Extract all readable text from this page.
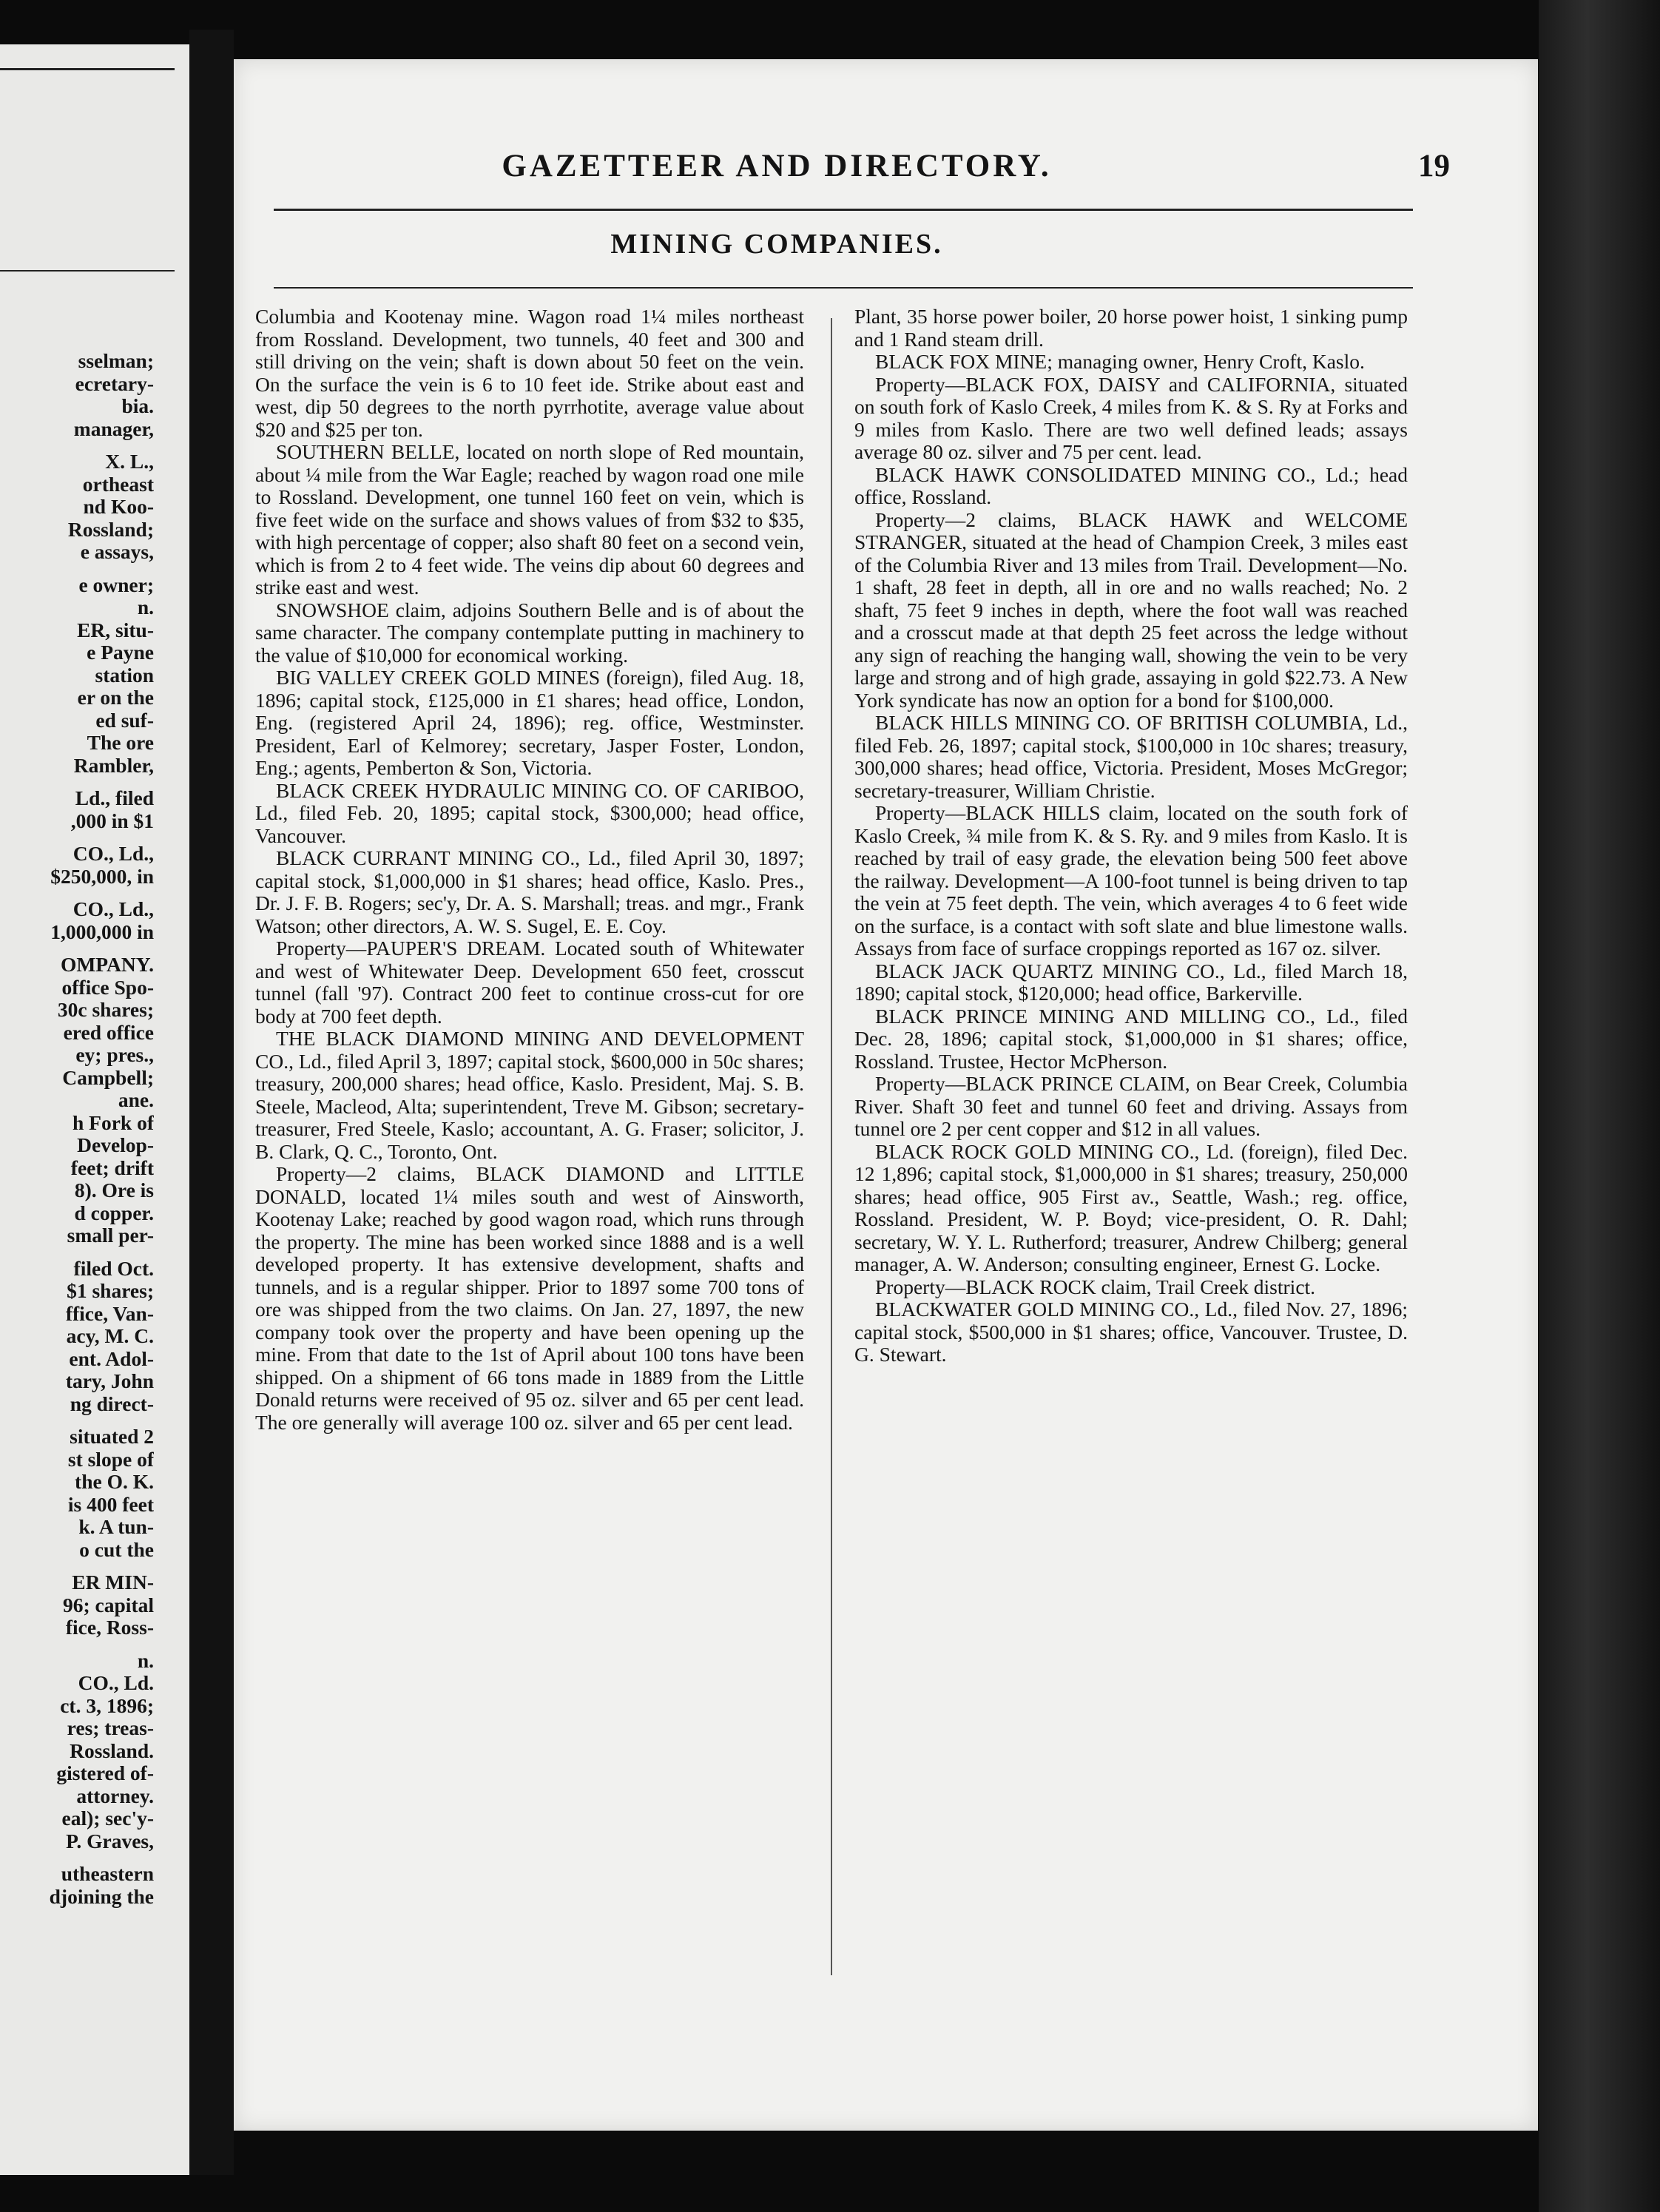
sselman;
ecretary-
bia.
manager,
X. L.,
ortheast
nd Koo-
Rossland;
e assays,
e owner;
n.
ER, situ-
e Payne
station
er on the
ed suf-
The ore
Rambler,
Ld., filed
,000 in $1
CO., Ld.,
$250,000, in
CO., Ld.,
1,000,000 in
OMPANY.
office Spo-
30c shares;
ered office
ey; pres.,
Campbell;
ane.
h Fork of
Develop-
feet; drift
8). Ore is
d copper.
small per-
filed Oct.
$1 shares;
ffice, Van-
acy, M. C.
ent. Adol-
tary, John
ng direct-
situated 2
st slope of
the O. K.
is 400 feet
k. A tun-
o cut the
ER MIN-
96; capital
fice, Ross-
n.
CO., Ld.
ct. 3, 1896;
res; treas-
Rossland.
gistered of-
attorney.
eal); sec'y-
P. Graves,
utheastern
djoining the
GAZETTEER AND DIRECTORY.	19
MINING COMPANIES.

Columbia and Kootenay mine. Wagon road 1¼ miles northeast from Rossland. Development, two tunnels, 40 feet and 300 and still driving on the vein; shaft is down about 50 feet on the vein. On the surface the vein is 6 to 10 feet ide. Strike about east and west, dip 50 degrees to the north pyrrhotite, average value about $20 and $25 per ton.

SOUTHERN BELLE, located on north slope of Red mountain, about ¼ mile from the War Eagle; reached by wagon road one mile to Rossland. Development, one tunnel 160 feet on vein, which is five feet wide on the surface and shows values of from $32 to $35, with high percentage of copper; also shaft 80 feet on a second vein, which is from 2 to 4 feet wide. The veins dip about 60 degrees and strike east and west.

SNOWSHOE claim, adjoins Southern Belle and is of about the same character. The company contemplate putting in machinery to the value of $10,000 for economical working.

BIG VALLEY CREEK GOLD MINES (foreign), filed Aug. 18, 1896; capital stock, £125,000 in £1 shares; head office, London, Eng. (registered April 24, 1896); reg. office, Westminster. President, Earl of Kelmorey; secretary, Jasper Foster, London, Eng.; agents, Pemberton & Son, Victoria.

BLACK CREEK HYDRAULIC MINING CO. OF CARIBOO, Ld., filed Feb. 20, 1895; capital stock, $300,000; head office, Vancouver.

BLACK CURRANT MINING CO., Ld., filed April 30, 1897; capital stock, $1,000,000 in $1 shares; head office, Kaslo. Pres., Dr. J. F. B. Rogers; sec'y, Dr. A. S. Marshall; treas. and mgr., Frank Watson; other directors, A. W. S. Sugel, E. E. Coy.

Property—PAUPER'S DREAM. Located south of Whitewater and west of Whitewater Deep. Development 650 feet, crosscut tunnel (fall '97). Contract 200 feet to continue cross-cut for ore body at 700 feet depth.

THE BLACK DIAMOND MINING AND DEVELOPMENT CO., Ld., filed April 3, 1897; capital stock, $600,000 in 50c shares; treasury, 200,000 shares; head office, Kaslo. President, Maj. S. B. Steele, Macleod, Alta; superintendent, Treve M. Gibson; secretary-treasurer, Fred Steele, Kaslo; accountant, A. G. Fraser; solicitor, J. B. Clark, Q. C., Toronto, Ont.

Property—2 claims, BLACK DIAMOND and LITTLE DONALD, located 1¼ miles south and west of Ainsworth, Kootenay Lake; reached by good wagon road, which runs through the property. The mine has been worked since 1888 and is a well developed property. It has extensive development, shafts and tunnels, and is a regular shipper. Prior to 1897 some 700 tons of ore was shipped from the two claims. On Jan. 27, 1897, the new company took over the property and have been opening up the mine. From that date to the 1st of April about 100 tons have been shipped. On a shipment of 66 tons made in 1889 from the Little Donald returns were received of 95 oz. silver and 65 per cent lead. The ore generally will average 100 oz. silver and 65 per cent lead.

Plant, 35 horse power boiler, 20 horse power hoist, 1 sinking pump and 1 Rand steam drill.

BLACK FOX MINE; managing owner, Henry Croft, Kaslo.

Property—BLACK FOX, DAISY and CALIFORNIA, situated on south fork of Kaslo Creek, 4 miles from K. & S. Ry at Forks and 9 miles from Kaslo. There are two well defined leads; assays average 80 oz. silver and 75 per cent. lead.

BLACK HAWK CONSOLIDATED MINING CO., Ld.; head office, Rossland.

Property—2 claims, BLACK HAWK and WELCOME STRANGER, situated at the head of Champion Creek, 3 miles east of the Columbia River and 13 miles from Trail. Development—No. 1 shaft, 28 feet in depth, all in ore and no walls reached; No. 2 shaft, 75 feet 9 inches in depth, where the foot wall was reached and a crosscut made at that depth 25 feet across the ledge without any sign of reaching the hanging wall, showing the vein to be very large and strong and of high grade, assaying in gold $22.73. A New York syndicate has now an option for a bond for $100,000.

BLACK HILLS MINING CO. OF BRITISH COLUMBIA, Ld., filed Feb. 26, 1897; capital stock, $100,000 in 10c shares; treasury, 300,000 shares; head office, Victoria. President, Moses McGregor; secretary-treasurer, William Christie.

Property—BLACK HILLS claim, located on the south fork of Kaslo Creek, ¾ mile from K. & S. Ry. and 9 miles from Kaslo. It is reached by trail of easy grade, the elevation being 500 feet above the railway. Development—A 100-foot tunnel is being driven to tap the vein at 75 feet depth. The vein, which averages 4 to 6 feet wide on the surface, is a contact with soft slate and blue limestone walls. Assays from face of surface croppings reported as 167 oz. silver.

BLACK JACK QUARTZ MINING CO., Ld., filed March 18, 1890; capital stock, $120,000; head office, Barkerville.

BLACK PRINCE MINING AND MILLING CO., Ld., filed Dec. 28, 1896; capital stock, $1,000,000 in $1 shares; office, Rossland. Trustee, Hector McPherson.

Property—BLACK PRINCE CLAIM, on Bear Creek, Columbia River. Shaft 30 feet and tunnel 60 feet and driving. Assays from tunnel ore 2 per cent copper and $12 in all values.

BLACK ROCK GOLD MINING CO., Ld. (foreign), filed Dec. 12 1,896; capital stock, $1,000,000 in $1 shares; treasury, 250,000 shares; head office, 905 First av., Seattle, Wash.; reg. office, Rossland. President, W. P. Boyd; vice-president, O. R. Dahl; secretary, W. Y. L. Rutherford; treasurer, Andrew Chilberg; general manager, A. W. Anderson; consulting engineer, Ernest G. Locke.

Property—BLACK ROCK claim, Trail Creek district.

BLACKWATER GOLD MINING CO., Ld., filed Nov. 27, 1896; capital stock, $500,000 in $1 shares; office, Vancouver. Trustee, D. G. Stewart.
